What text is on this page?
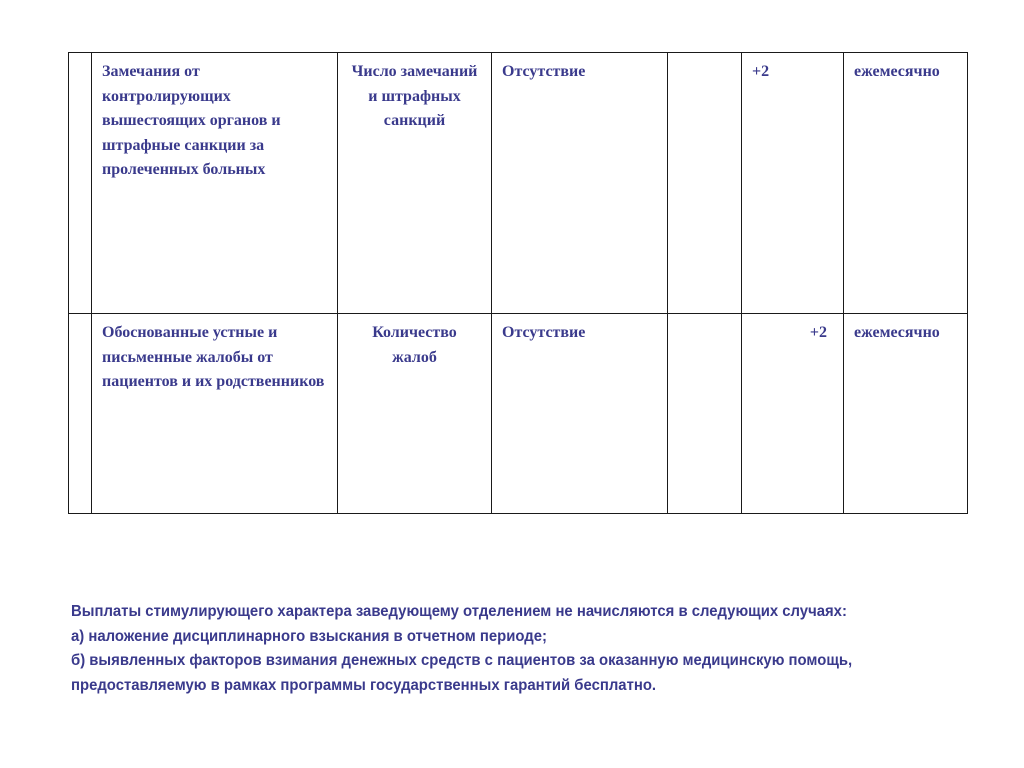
	Замечания от контролирующих вышестоящих органов и штрафные санкции за пролеченных больных	Число замечаний и штрафных санкций	Отсутствие		+2	ежемесячно
	Обоснованные устные и письменные жалобы от пациентов и их родственников	Количество жалоб	Отсутствие		+2	ежемесячно
Выплаты стимулирующего характера заведующему отделением не начисляются в следующих случаях:
а) наложение дисциплинарного взыскания в отчетном периоде;
б) выявленных факторов взимания денежных средств с пациентов за оказанную медицинскую помощь,
предоставляемую в рамках программы государственных гарантий бесплатно.
